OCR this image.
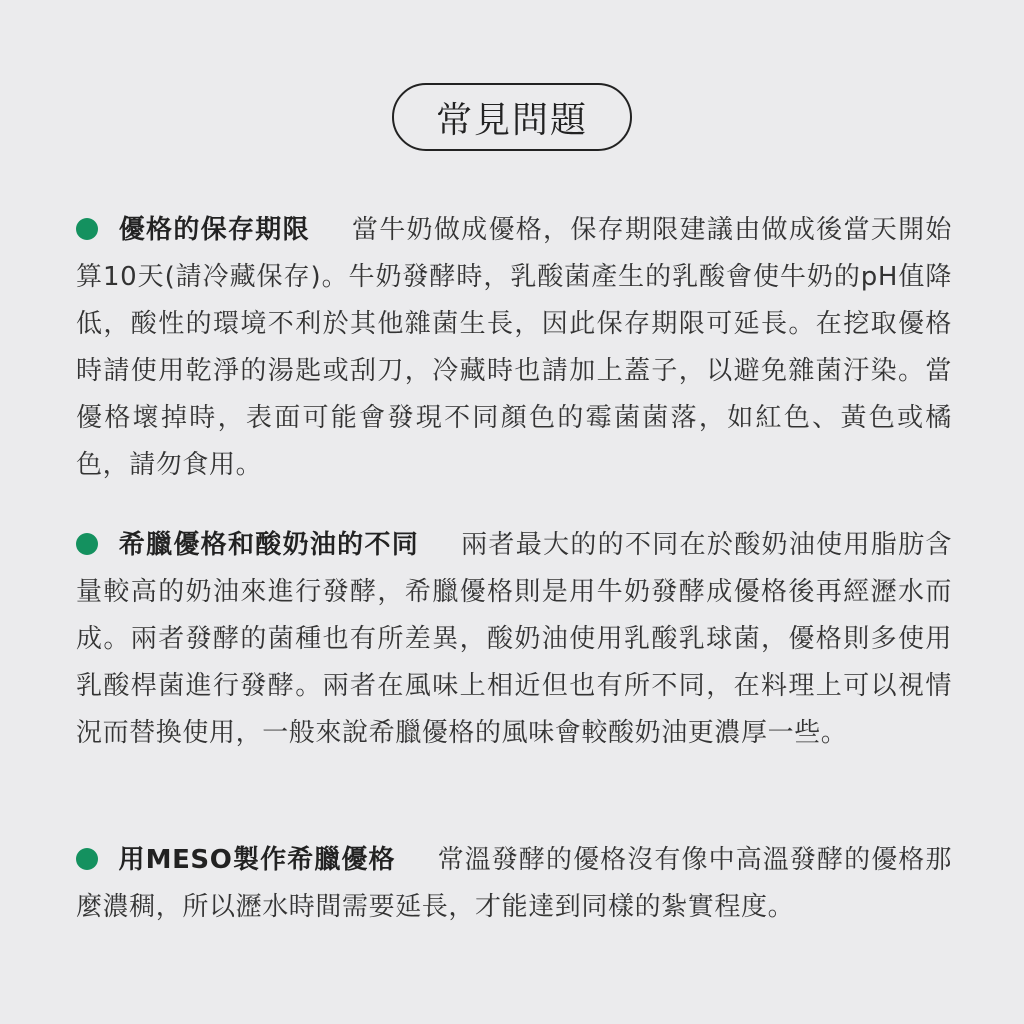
常見問題
優格的保存期限 當牛奶做成優格，保存期限建議由做成後當天開始算10天(請冷藏保存)。牛奶發酵時，乳酸菌產生的乳酸會使牛奶的pH值降低，酸性的環境不利於其他雜菌生長，因此保存期限可延長。在挖取優格時請使用乾淨的湯匙或刮刀，冷藏時也請加上蓋子，以避免雜菌汙染。當優格壞掉時，表面可能會發現不同顏色的霉菌菌落，如紅色、黃色或橘色，請勿食用。
希臘優格和酸奶油的不同 兩者最大的的不同在於酸奶油使用脂肪含量較高的奶油來進行發酵，希臘優格則是用牛奶發酵成優格後再經瀝水而成。兩者發酵的菌種也有所差異，酸奶油使用乳酸乳球菌，優格則多使用乳酸桿菌進行發酵。兩者在風味上相近但也有所不同，在料理上可以視情況而替換使用，一般來說希臘優格的風味會較酸奶油更濃厚一些。
用MESO製作希臘優格 常溫發酵的優格沒有像中高溫發酵的優格那麼濃稠，所以瀝水時間需要延長，才能達到同樣的紮實程度。
